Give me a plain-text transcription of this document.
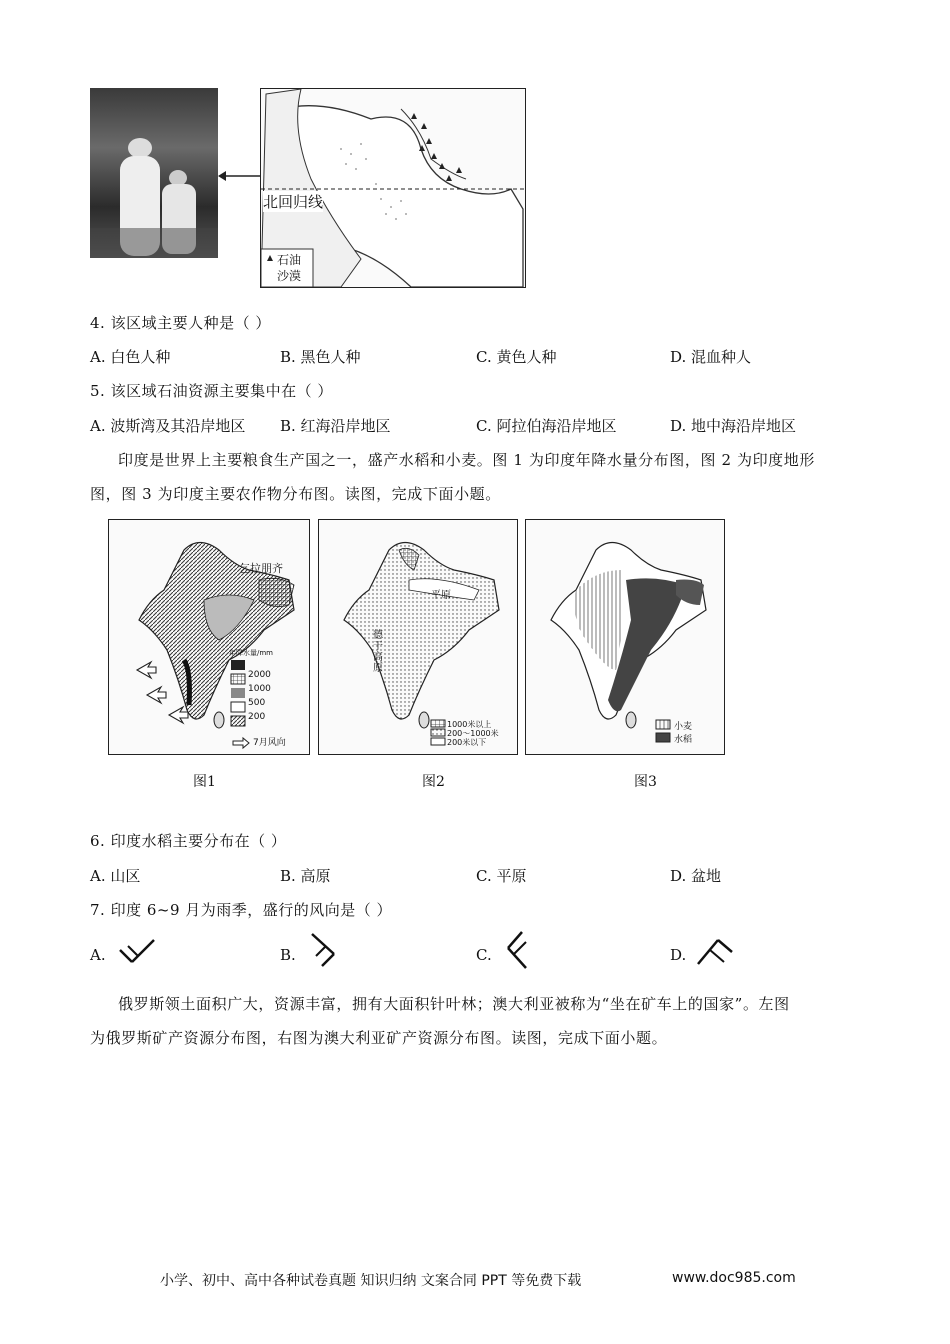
北回归线
石油
沙漠
4. 该区域主要人种是（ ）
A. 白色人种	B. 黑色人种	C. 黄色人种	D. 混血种人
5. 该区域石油资源主要集中在（ ）
A. 波斯湾及其沿岸地区 B. 红海沿岸地区	C. 阿拉伯海沿岸地区	D. 地中海沿岸地区
印度是世界上主要粮食生产国之一，盛产水稻和小麦。图 1 为印度年降水量分布图，图 2 为印度地形
图，图 3 为印度主要农作物分布图。读图，完成下面小题。
乞拉朋齐
年降水量/mm
2000
1000
500
200
7月风向
图1
平原
德干高原
1000米以上
200～1000米
200米以下
图2
小麦
水稻
图3
6. 印度水稻主要分布在（ ）
A. 山区	B. 高原	C. 平原	D. 盆地
7. 印度 6~9 月为雨季，盛行的风向是（ ）
A.	B.	C.	D.
俄罗斯领土面积广大，资源丰富，拥有大面积针叶林；澳大利亚被称为“坐在矿车上的国家”。左图
为俄罗斯矿产资源分布图，右图为澳大利亚矿产资源分布图。读图，完成下面小题。
小学、初中、高中各种试卷真题 知识归纳 文案合同 PPT 等免费下载	www.doc985.com
